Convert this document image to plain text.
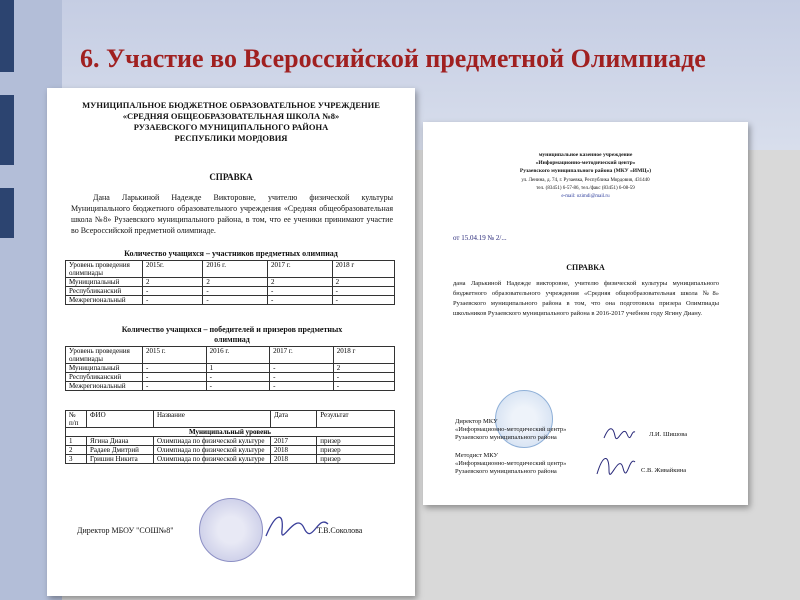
6. Участие во Всероссийской предметной Олимпиаде
МУНИЦИПАЛЬНОЕ БЮДЖЕТНОЕ ОБРАЗОВАТЕЛЬНОЕ УЧРЕЖДЕНИЕ
«СРЕДНЯЯ ОБЩЕОБРАЗОВАТЕЛЬНАЯ ШКОЛА №8»
РУЗАЕВСКОГО МУНИЦИПАЛЬНОГО РАЙОНА
РЕСПУБЛИКИ МОРДОВИЯ
СПРАВКА
Дана Ларькиной Надежде Викторовне, учителю физической культуры Муниципального бюджетного образовательного учреждения «Средняя общеобразовательная школа №8» Рузаевского муниципального района, в том, что ее ученики принимают участие во Всероссийской предметной олимпиаде.
Количество учащихся – участников предметных олимпиад
Уровень проведения олимпиады	2015г.	2016 г.	2017 г.	2018 г
Муниципальный	2	2	2	2
Республиканский	-	-	-	-
Межрегиональный	-	-	-	-
Количество учащихся – победителей и призеров предметных олимпиад
Уровень проведения олимпиады	2015 г.	2016 г.	2017 г.	2018 г
Муниципальный	-	1	-	2
Республиканский	-	-	-	-
Межрегиональный	-	-	-	-
№ п/п	ФИО	Название	Дата	Результат
Муниципальный уровень				
1	Ягина Диана	Олимпиада по физической культуре	2017	призер
2	Радаев Дмитрий	Олимпиада по физической культуре	2018	призер
3	Гришин Никита	Олимпиада по физической культуре	2018	призер
Директор МБОУ "СОШ№8"	Т.В.Соколова
муниципальное казенное учреждение
«Информационно-методический центр»
Рузаевского муниципального района (МКУ «ИМЦ»)
ул. Ленина, д. 74, г. Рузаевка, Республика Мордовия, 431440
тел. (83451) 6-57-86, тел./факс (83451) 6-08-59
e-mail: ozimdi@mail.ru
от 15.04.19 № 2/...
СПРАВКА
дана Ларькиной Надежде викторовне, учителю физической культуры муниципального бюджетного образовательного учреждения «Средняя общеобразовательная школа №8» Рузаевского муниципального района в том, что она подготовила призера Олимпиады школьников Рузаевского муниципального района в 2016-2017 учебном году Ягину Диану.
Директор МКУ
«Информационно-методический центр»
Рузаевского муниципального района	Л.И. Шишова
Методист МКУ
«Информационно-методический центр»
Рузаевского муниципального района	С.В. Живайкина
